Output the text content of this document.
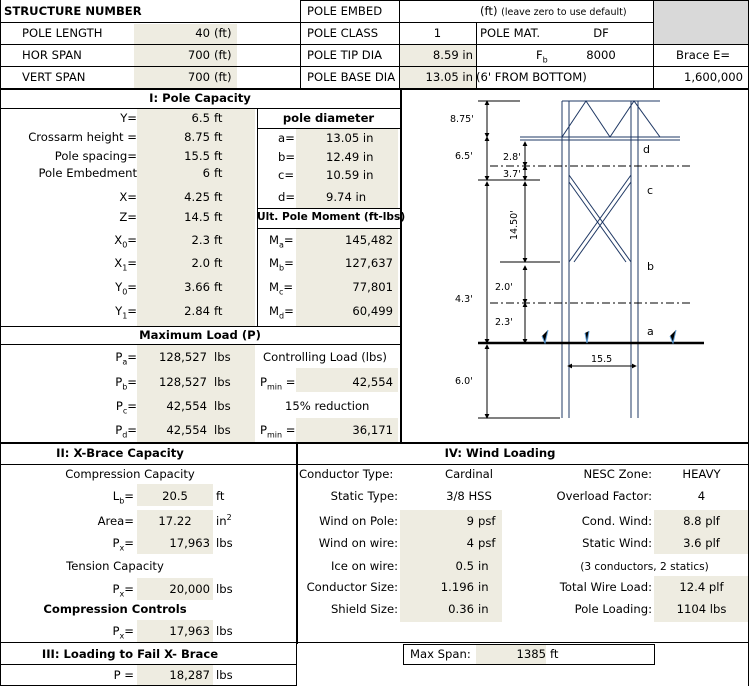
STRUCTURE NUMBER
POLE LENGTH	40 (ft)
HOR SPAN	700 (ft)
VERT SPAN	700 (ft)
POLE EMBED	(ft) (leave zero to use default)
POLE CLASS	1	POLE MAT.	DF
POLE TIP DIA	8.59 in	$F_b$	8000	Brace E=
POLE BASE DIA	13.05 in (6' FROM BOTTOM)	1,600,000
I: Pole Capacity
Y=	6.5 ft
Crossarm height =	8.75 ft
Pole spacing=	15.5 ft
Pole Embedment	6 ft
X=	4.25 ft
Z=	14.5 ft
$X_0=$	2.3 ft
$X_1=$	2.0 ft
$Y_0=$	3.66 ft
$Y_1=$	2.84 ft
pole diameter
a=	13.05 in
b=	12.49 in
c=	10.59 in
d=	9.74 in
Ult. Pole Moment (ft-lbs)
$M_a=$	145,482
$M_b=$	127,637
$M_c=$	77,801
$M_d=$	60,499
Maximum Load (P)
$P_a=$	128,527 lbs
$P_b=$	128,527 lbs
$P_c=$	42,554 lbs
$P_d=$	42,554 lbs
Controlling Load (lbs)
$P_{min}$ =	42,554
15% reduction
$P_{min}$ =	36,171
II: X-Brace Capacity
Compression Capacity
$L_b=$	20.5	ft
Area=	17.22	$in^2$
$P_x=$	17,963 lbs
Tension Capacity
$P_x=$	20,000 lbs
Compression Controls
$P_x=$	17,963 lbs
III: Loading to Fail X- Brace
P =	18,287 lbs
IV: Wind Loading
Conductor Type:	Cardinal	NESC Zone:	HEAVY
Static Type:	3/8 HSS	Overload Factor:	4
Wind on Pole:	9 psf	Cond. Wind:	8.8 plf
Wind on wire:	4 psf	Static Wind:	3.6 plf
Ice on wire:	0.5 in	(3 conductors, 2 statics)
Conductor Size:	1.196 in	Total Wire Load:	12.4 plf
Shield Size:	0.36 in	Pole Loading:	1104 lbs
Max Span:	1385 ft
8.75'
6.5'	2.8'
3.7'
14.50'
4.3'
2.0'
2.3'
15.5
6.0'
a
b
c
d
